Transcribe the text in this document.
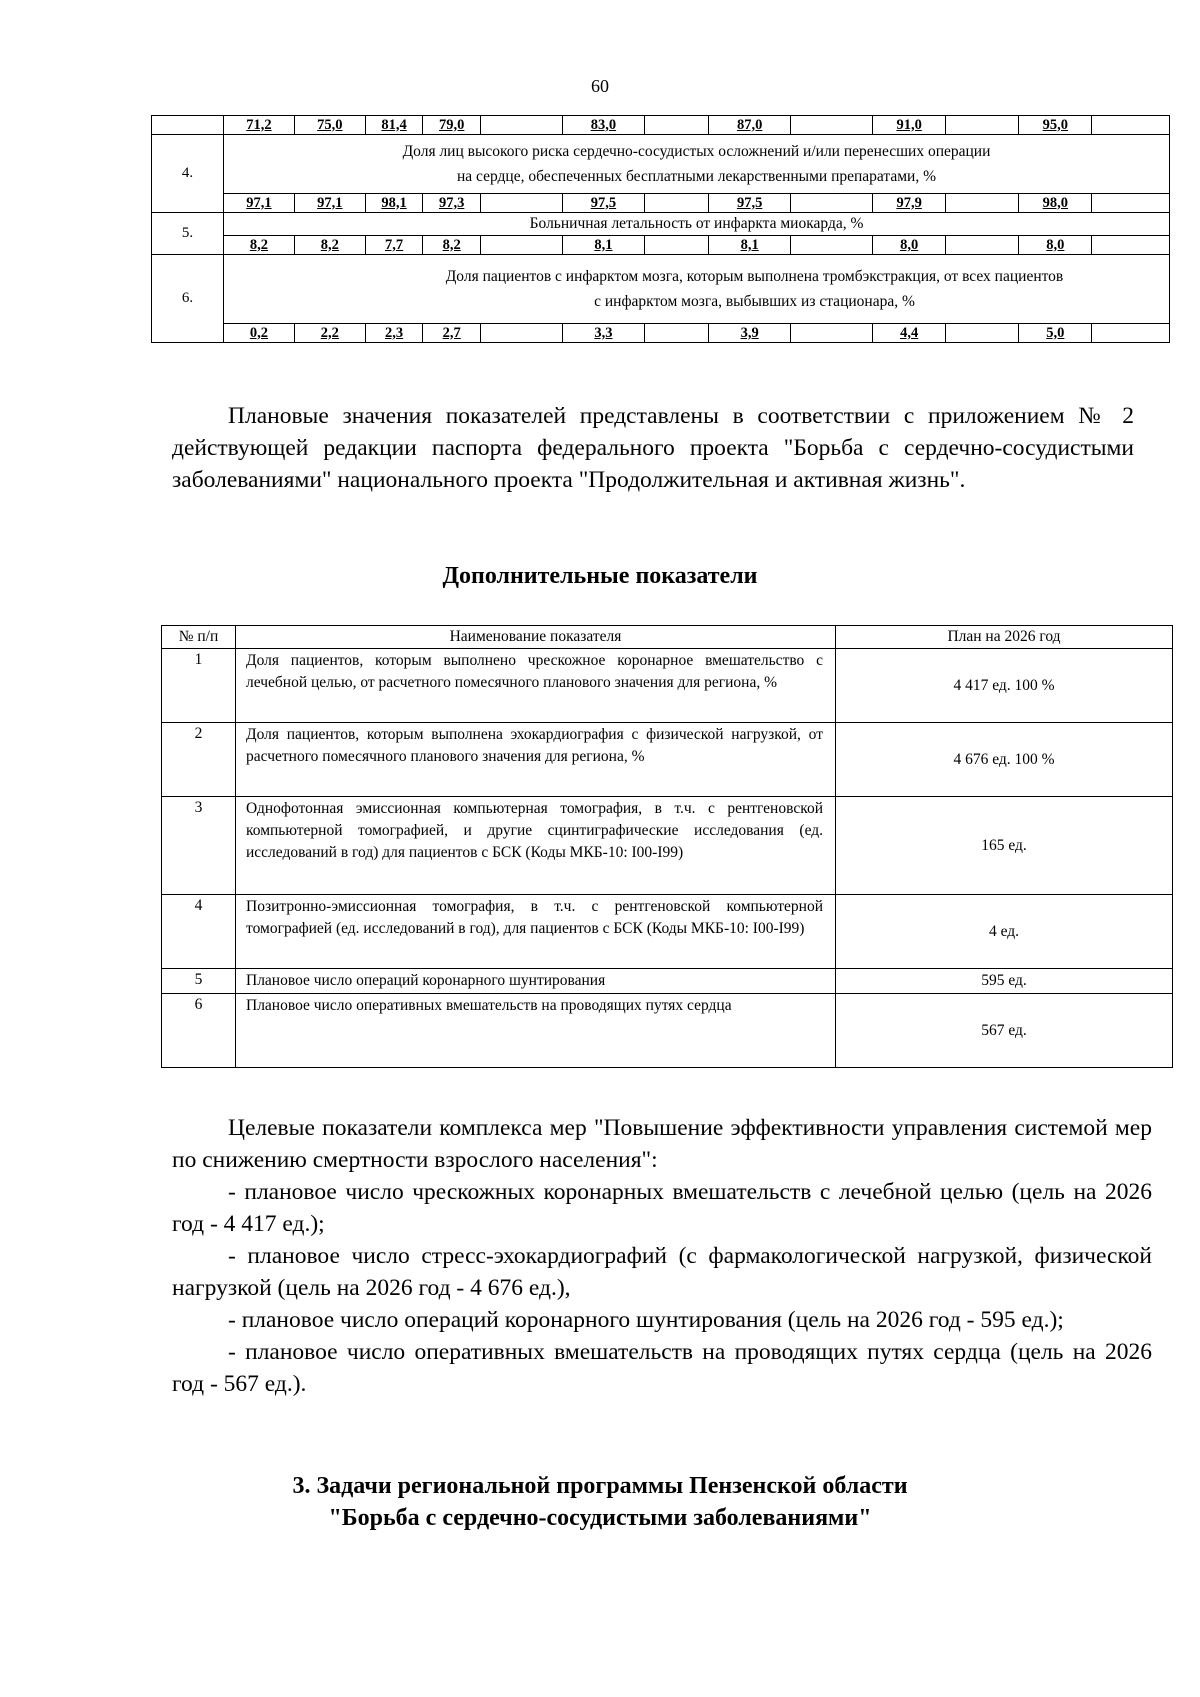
60
	71,2	75,0	81,4	79,0		83,0		87,0		91,0		95,0	
4.	Доля лиц высокого риска сердечно-сосудистых осложнений и/или перенесших операции
на сердце, обеспеченных бесплатными лекарственными препаратами, %												

	97,1	97,1	98,1	97,3		97,5		97,5		97,9		98,0	
5.	Больничная летальность от инфаркта миокарда, %												

	8,2	8,2	7,7	8,2		8,1		8,1		8,0		8,0	
6.	Доля пациентов с инфарктом мозга, которым выполнена тромбэкстракция, от всех пациентов
с инфарктом мозга, выбывших из стационара, %												

	0,2	2,2	2,3	2,7		3,3		3,9		4,4		5,0	

Плановые значения показателей представлены в соответствии с приложением № 2 действующей редакции паспорта федерального проекта "Борьба с сердечно-сосудистыми заболеваниями" национального проекта "Продолжительная и активная жизнь".

Дополнительные показатели
№ п/п	Наименование показателя	План на 2026 год
1	Доля пациентов, которым выполнено чрескожное коронарное вмешательство с лечебной целью, от расчетного помесячного планового значения для региона, %	4 417 ед. 100 %
2	Доля пациентов, которым выполнена эхокардиография с физической нагрузкой, от расчетного помесячного планового значения для региона, %	4 676 ед. 100 %
3	Однофотонная эмиссионная компьютерная томография, в т.ч. с рентгеновской компьютерной томографией, и другие сцинтиграфические исследования (ед. исследований в год) для пациентов с БСК (Коды МКБ-10: I00-I99)	165 ед.
4	Позитронно-эмиссионная томография, в т.ч. с рентгеновской компьютерной томографией (ед. исследований в год), для пациентов с БСК (Коды МКБ-10: I00-I99)	4 ед.
5	Плановое число операций коронарного шунтирования	595 ед.
6	Плановое число оперативных вмешательств на проводящих путях сердца	567 ед.

Целевые показатели комплекса мер "Повышение эффективности управления системой мер по снижению смертности взрослого населения":

- плановое число чрескожных коронарных вмешательств с лечебной целью (цель на 2026 год - 4 417 ед.);

- плановое число стресс-эхокардиографий (с фармакологической нагрузкой, физической нагрузкой (цель на 2026 год - 4 676 ед.),

- плановое число операций коронарного шунтирования (цель на 2026 год - 595 ед.);

- плановое число оперативных вмешательств на проводящих путях сердца (цель на 2026 год - 567 ед.).

3. Задачи региональной программы Пензенской области
"Борьба с сердечно-сосудистыми заболеваниями"
